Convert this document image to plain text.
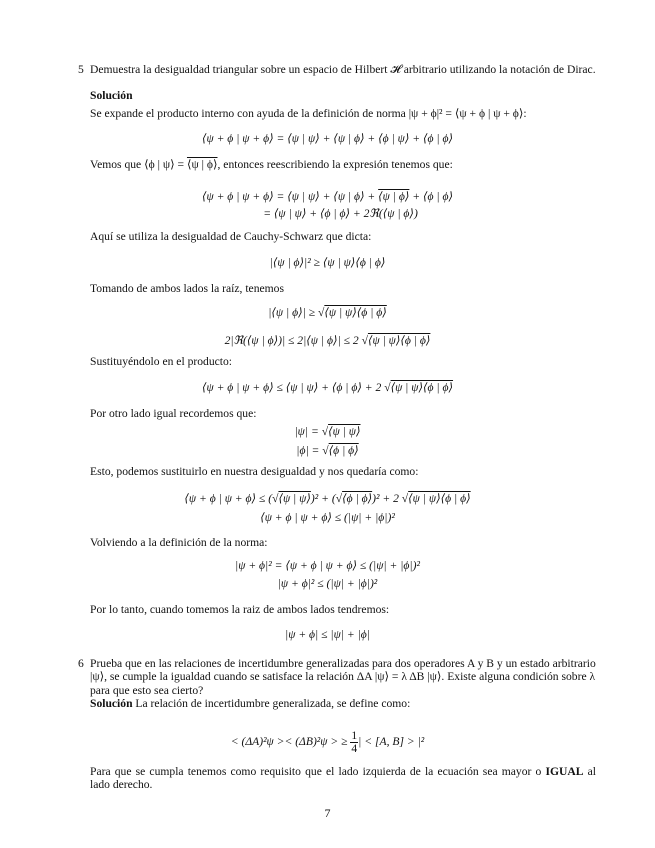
5 Demuestra la desigualdad triangular sobre un espacio de Hilbert 𝓗 arbitrario utilizando la notación de Dirac.
Solución
Se expande el producto interno con ayuda de la definición de norma |ψ + ϕ|² = ⟨ψ + ϕ | ψ + ϕ⟩:
⟨ψ + ϕ | ψ + ϕ⟩ = ⟨ψ | ψ⟩ + ⟨ψ | ϕ⟩ + ⟨ϕ | ψ⟩ + ⟨ϕ | ϕ⟩
Vemos que ⟨ϕ | ψ⟩ = ⟨ψ | ϕ⟩, entonces reescribiendo la expresión tenemos que:
⟨ψ + ϕ | ψ + ϕ⟩ = ⟨ψ | ψ⟩ + ⟨ψ | ϕ⟩ + ⟨ψ | ϕ⟩ + ⟨ϕ | ϕ⟩
= ⟨ψ | ψ⟩ + ⟨ϕ | ϕ⟩ + 2ℜ(⟨ψ | ϕ⟩)
Aquí se utiliza la desigualdad de Cauchy-Schwarz que dicta:
|⟨ψ | ϕ⟩|² ≥ ⟨ψ | ψ⟩⟨ϕ | ϕ⟩
Tomando de ambos lados la raíz, tenemos
|⟨ψ | ϕ⟩| ≥ √ ⟨ψ | ψ⟩⟨ϕ | ϕ⟩
2|ℜ(⟨ψ | ϕ⟩)| ≤ 2|⟨ψ | ϕ⟩| ≤ 2 √ ⟨ψ | ψ⟩⟨ϕ | ϕ⟩
Sustituyéndolo en el producto:
⟨ψ + ϕ | ψ + ϕ⟩ ≤ ⟨ψ | ψ⟩ + ⟨ϕ | ϕ⟩ + 2 √ ⟨ψ | ψ⟩⟨ϕ | ϕ⟩
Por otro lado igual recordemos que:
|ψ| = √ ⟨ψ | ψ⟩
|ϕ| = √ ⟨ϕ | ϕ⟩
Esto, podemos sustituirlo en nuestra desigualdad y nos quedaría como:
⟨ψ + ϕ | ψ + ϕ⟩ ≤ ( √ ⟨ψ | ψ⟩)² + ( √ ⟨ϕ | ϕ⟩)² + 2 √ ⟨ψ | ψ⟩⟨ϕ | ϕ⟩
⟨ψ + ϕ | ψ + ϕ⟩ ≤ (|ψ| + |ϕ|)²
Volviendo a la definición de la norma:
|ψ + ϕ|² = ⟨ψ + ϕ | ψ + ϕ⟩ ≤ (|ψ| + |ϕ|)²
|ψ + ϕ|² ≤ (|ψ| + |ϕ|)²
Por lo tanto, cuando tomemos la raiz de ambos lados tendremos:
|ψ + ϕ| ≤ |ψ| + |ϕ|
6 Prueba que en las relaciones de incertidumbre generalizadas para dos operadores A y B y un estado arbitrario |ψ⟩, se cumple la igualdad cuando se satisface la relación ΔA |ψ⟩ = λ ΔB |ψ⟩. Existe alguna condición sobre λ para que esto sea cierto?
Solución La relación de incertidumbre generalizada, se define como:
< (ΔA)²ψ >< (ΔB)²ψ > ≥ $\frac{1}{4}$ | < [A, B] > |²
Para que se cumpla tenemos como requisito que el lado izquierda de la ecuación sea mayor o IGUAL al lado derecho.
7
